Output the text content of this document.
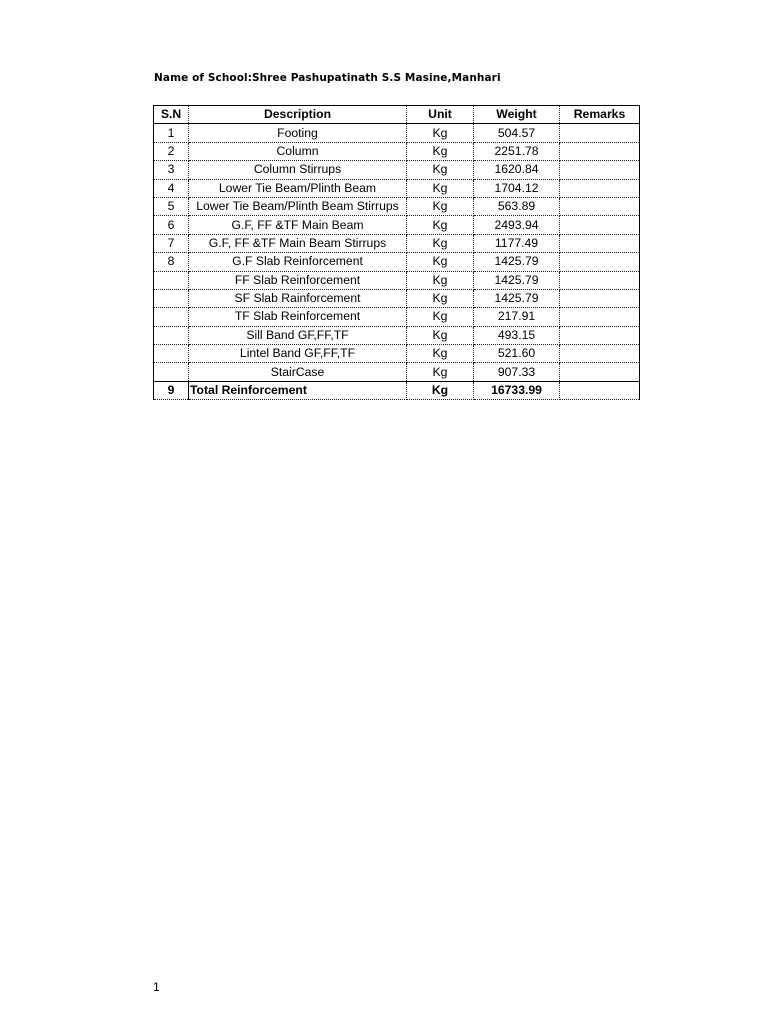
Name of School:Shree Pashupatinath S.S Masine,Manhari
S.N	Description	Unit	Weight	Remarks
1	Footing	Kg	504.57	
2	Column	Kg	2251.78	
3	Column Stirrups	Kg	1620.84	
4	Lower Tie Beam/Plinth Beam	Kg	1704.12	
5	Lower Tie Beam/Plinth Beam Stirrups	Kg	563.89	
6	G.F, FF &TF Main Beam	Kg	2493.94	
7	G.F, FF &TF Main Beam Stirrups	Kg	1177.49	
8	G.F Slab Reinforcement	Kg	1425.79	
	FF Slab Reinforcement	Kg	1425.79	
	SF Slab Rainforcement	Kg	1425.79	
	TF Slab Reinforcement	Kg	217.91	
	Sill Band GF,FF,TF	Kg	493.15	
	Lintel Band GF,FF,TF	Kg	521.60	
	StairCase	Kg	907.33	
9	Total Reinforcement	Kg	16733.99	
1
